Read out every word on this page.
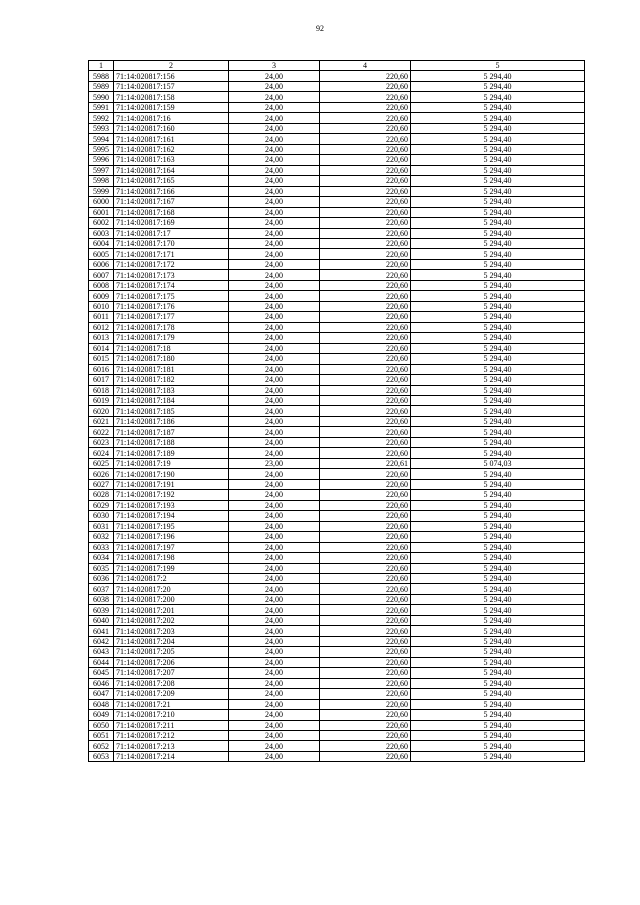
92
1	2	3	4	5
5988	71:14:020817:156	24,00	220,60	5 294,40
5989	71:14:020817:157	24,00	220,60	5 294,40
5990	71:14:020817:158	24,00	220,60	5 294,40
5991	71:14:020817:159	24,00	220,60	5 294,40
5992	71:14:020817:16	24,00	220,60	5 294,40
5993	71:14:020817:160	24,00	220,60	5 294,40
5994	71:14:020817:161	24,00	220,60	5 294,40
5995	71:14:020817:162	24,00	220,60	5 294,40
5996	71:14:020817:163	24,00	220,60	5 294,40
5997	71:14:020817:164	24,00	220,60	5 294,40
5998	71:14:020817:165	24,00	220,60	5 294,40
5999	71:14:020817:166	24,00	220,60	5 294,40
6000	71:14:020817:167	24,00	220,60	5 294,40
6001	71:14:020817:168	24,00	220,60	5 294,40
6002	71:14:020817:169	24,00	220,60	5 294,40
6003	71:14:020817:17	24,00	220,60	5 294,40
6004	71:14:020817:170	24,00	220,60	5 294,40
6005	71:14:020817:171	24,00	220,60	5 294,40
6006	71:14:020817:172	24,00	220,60	5 294,40
6007	71:14:020817:173	24,00	220,60	5 294,40
6008	71:14:020817:174	24,00	220,60	5 294,40
6009	71:14:020817:175	24,00	220,60	5 294,40
6010	71:14:020817:176	24,00	220,60	5 294,40
6011	71:14:020817:177	24,00	220,60	5 294,40
6012	71:14:020817:178	24,00	220,60	5 294,40
6013	71:14:020817:179	24,00	220,60	5 294,40
6014	71:14:020817:18	24,00	220,60	5 294,40
6015	71:14:020817:180	24,00	220,60	5 294,40
6016	71:14:020817:181	24,00	220,60	5 294,40
6017	71:14:020817:182	24,00	220,60	5 294,40
6018	71:14:020817:183	24,00	220,60	5 294,40
6019	71:14:020817:184	24,00	220,60	5 294,40
6020	71:14:020817:185	24,00	220,60	5 294,40
6021	71:14:020817:186	24,00	220,60	5 294,40
6022	71:14:020817:187	24,00	220,60	5 294,40
6023	71:14:020817:188	24,00	220,60	5 294,40
6024	71:14:020817:189	24,00	220,60	5 294,40
6025	71:14:020817:19	23,00	220,61	5 074,03
6026	71:14:020817:190	24,00	220,60	5 294,40
6027	71:14:020817:191	24,00	220,60	5 294,40
6028	71:14:020817:192	24,00	220,60	5 294,40
6029	71:14:020817:193	24,00	220,60	5 294,40
6030	71:14:020817:194	24,00	220,60	5 294,40
6031	71:14:020817:195	24,00	220,60	5 294,40
6032	71:14:020817:196	24,00	220,60	5 294,40
6033	71:14:020817:197	24,00	220,60	5 294,40
6034	71:14:020817:198	24,00	220,60	5 294,40
6035	71:14:020817:199	24,00	220,60	5 294,40
6036	71:14:020817:2	24,00	220,60	5 294,40
6037	71:14:020817:20	24,00	220,60	5 294,40
6038	71:14:020817:200	24,00	220,60	5 294,40
6039	71:14:020817:201	24,00	220,60	5 294,40
6040	71:14:020817:202	24,00	220,60	5 294,40
6041	71:14:020817:203	24,00	220,60	5 294,40
6042	71:14:020817:204	24,00	220,60	5 294,40
6043	71:14:020817:205	24,00	220,60	5 294,40
6044	71:14:020817:206	24,00	220,60	5 294,40
6045	71:14:020817:207	24,00	220,60	5 294,40
6046	71:14:020817:208	24,00	220,60	5 294,40
6047	71:14:020817:209	24,00	220,60	5 294,40
6048	71:14:020817:21	24,00	220,60	5 294,40
6049	71:14:020817:210	24,00	220,60	5 294,40
6050	71:14:020817:211	24,00	220,60	5 294,40
6051	71:14:020817:212	24,00	220,60	5 294,40
6052	71:14:020817:213	24,00	220,60	5 294,40
6053	71:14:020817:214	24,00	220,60	5 294,40
